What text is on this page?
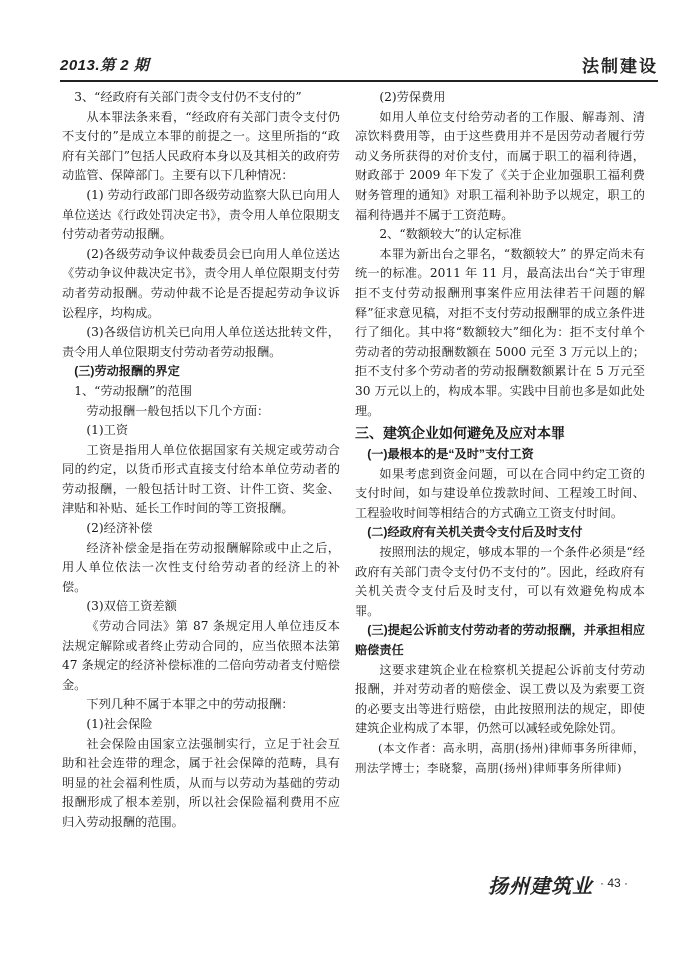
2013.第 2 期	法制建设

3、“经政府有关部门责令支付仍不支付的”

从本罪法条来看，“经政府有关部门责令支付仍不支付的”是成立本罪的前提之一。这里所指的“政府有关部门”包括人民政府本身以及其相关的政府劳动监管、保障部门。主要有以下几种情况：

(1) 劳动行政部门即各级劳动监察大队已向用人单位送达《行政处罚决定书》，责令用人单位限期支付劳动者劳动报酬。

(2)各级劳动争议仲裁委员会已向用人单位送达《劳动争议仲裁决定书》，责令用人单位限期支付劳动者劳动报酬。劳动仲裁不论是否提起劳动争议诉讼程序，均构成。

(3)各级信访机关已向用人单位送达批转文件，责令用人单位限期支付劳动者劳动报酬。

(三)劳动报酬的界定

1、“劳动报酬”的范围

劳动报酬一般包括以下几个方面：

(1)工资

工资是指用人单位依据国家有关规定或劳动合同的约定，以货币形式直接支付给本单位劳动者的劳动报酬，一般包括计时工资、计件工资、奖金、津贴和补贴、延长工作时间的等工资报酬。

(2)经济补偿

经济补偿金是指在劳动报酬解除或中止之后，用人单位依法一次性支付给劳动者的经济上的补偿。

(3)双倍工资差额

《劳动合同法》第 87 条规定用人单位违反本法规定解除或者终止劳动合同的，应当依照本法第 47 条规定的经济补偿标准的二倍向劳动者支付赔偿金。

下列几种不属于本罪之中的劳动报酬：

(1)社会保险

社会保险由国家立法强制实行，立足于社会互助和社会连带的理念，属于社会保障的范畴，具有明显的社会福利性质，从而与以劳动为基础的劳动报酬形成了根本差别，所以社会保险福利费用不应归入劳动报酬的范围。

(2)劳保费用

如用人单位支付给劳动者的工作服、解毒剂、清凉饮料费用等，由于这些费用并不是因劳动者履行劳动义务所获得的对价支付，而属于职工的福利待遇，财政部于 2009 年下发了《关于企业加强职工福利费财务管理的通知》对职工福利补助予以规定，职工的福利待遇并不属于工资范畴。

2、“数额较大”的认定标准

本罪为新出台之罪名，“数额较大” 的界定尚未有统一的标准。2011 年 11 月，最高法出台“关于审理拒不支付劳动报酬刑事案件应用法律若干问题的解释”征求意见稿，对拒不支付劳动报酬罪的成立条件进行了细化。其中将“数额较大”细化为：拒不支付单个劳动者的劳动报酬数额在 5000 元至 3 万元以上的；拒不支付多个劳动者的劳动报酬数额累计在 5 万元至 30 万元以上的，构成本罪。实践中目前也多是如此处理。

三、建筑企业如何避免及应对本罪

(一)最根本的是“及时”支付工资

如果考虑到资金问题，可以在合同中约定工资的支付时间，如与建设单位拨款时间、工程竣工时间、工程验收时间等相结合的方式确立工资支付时间。

(二)经政府有关机关责令支付后及时支付

按照刑法的规定，够成本罪的一个条件必须是“经政府有关部门责令支付仍不支付的”。因此，经政府有关机关责令支付后及时支付，可以有效避免构成本罪。

(三)提起公诉前支付劳动者的劳动报酬，并承担相应赔偿责任

这要求建筑企业在检察机关提起公诉前支付劳动报酬，并对劳动者的赔偿金、误工费以及为索要工资的必要支出等进行赔偿，由此按照刑法的规定，即使建筑企业构成了本罪，仍然可以减轻或免除处罚。

(本文作者：高永明，高朋(扬州)律师事务所律师，刑法学博士；李晓黎，高朋(扬州)律师事务所律师)

扬州建筑业 · 43 ·
